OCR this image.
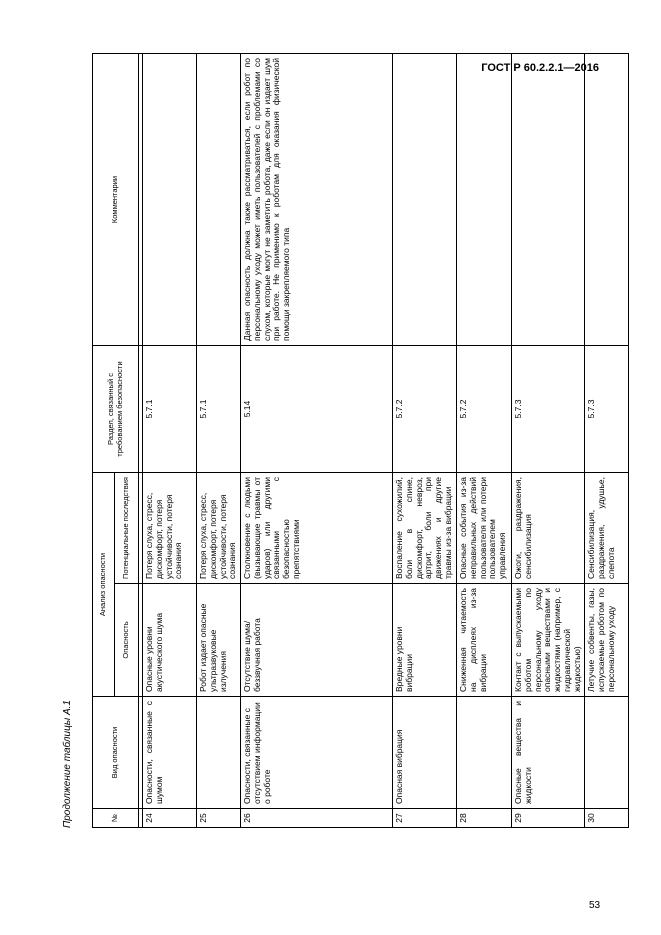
ГОСТ Р 60.2.2.1—2016
Продолжение таблицы А.1	№	Вид опасности	Анализ опасности		Раздел, связанный с требованием безопасности	Комментарии
		Опасность	Потенциальные последствия		

24	Опасности, связанные с шумом	Опасные уровни акустического шума	Потеря слуха, стресс, дискомфорт, потеря устойчивости, потеря сознания	5.7.1	
25		Робот издает опасные ультразвуковые излучения	Потеря слуха, стресс, дискомфорт, потеря устойчивости, потеря сознания	5.7.1	
26	Опасности, связанные с отсутствием информации о роботе	Отсутствие шума/беззвучная работа	Столкновение с людьми (вызывающие травмы от ударов) или другими связанными с безопасностью препятствиями	5.14	Данная опасность должна также рассматриваться, если робот по персональному уходу может иметь пользователей с проблемами со слухом, которые могут не заметить робота, даже если он издает шум при работе. Не применимо к роботам для оказания физической помощи закрепляемого типа
27	Опасная вибрация	Вредные уровни вибрации	Воспаление сухожилий, боли в спине, дискомфорт, невроз, артрит, боли при движениях и другие травмы из-за вибрации	5.7.2	
28		Сниженная читаемость на дисплеях из-за вибрации	Опасные события из-за неправильных действий пользователя или потери пользователем управления	5.7.2	
29	Опасные вещества и жидкости	Контакт с выпускаемыми роботом по персональному уходу опасными веществами и жидкостями (например, с гидравлической жидкостью)	Ожоги, раздражения, сенсибилизация	5.7.3	
30		Летучие собвенты, газы, испускаемые роботом по персональному уходу	Сенсибилизация, раздражения, удушье, слепота	5.7.3	
53
